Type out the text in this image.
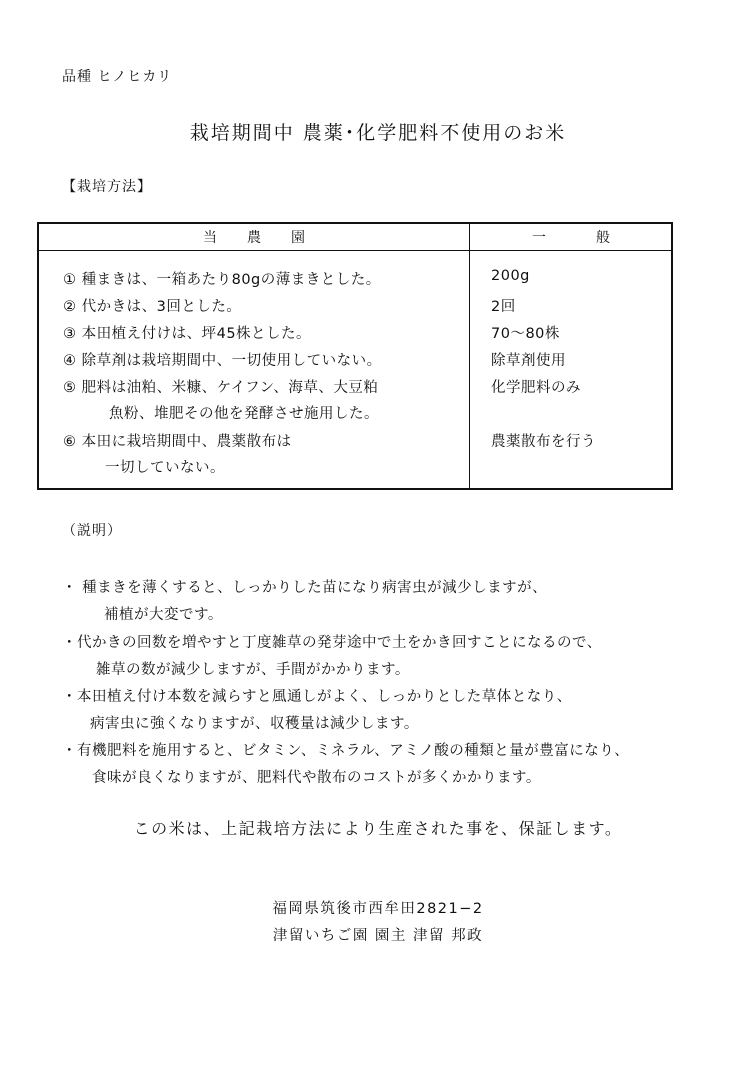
品種 ヒノヒカリ
栽培期間中 農薬･化学肥料不使用のお米
【栽培方法】
当農園	一般
① 種まきは、一箱あたり80gの薄まきとした。	200g
② 代かきは、3回とした。	2回
③ 本田植え付けは、坪45株とした。	70～80株
④ 除草剤は栽培期間中、一切使用していない。	除草剤使用
⑤ 肥料は油粕、米糠、ケイフン、海草、大豆粕	化学肥料のみ
魚粉、堆肥その他を発酵させ施用した。
⑥ 本田に栽培期間中、農薬散布は	農薬散布を行う
一切していない。
（説明）
・ 種まきを薄くすると、しっかりした苗になり病害虫が減少しますが、
補植が大変です。
・代かきの回数を増やすと丁度雑草の発芽途中で土をかき回すことになるので、
雑草の数が減少しますが、手間がかかります。
・本田植え付け本数を減らすと風通しがよく、しっかりとした草体となり、
病害虫に強くなりますが、収穫量は減少します。
・有機肥料を施用すると、ビタミン、ミネラル、アミノ酸の種類と量が豊富になり、
食味が良くなりますが、肥料代や散布のコストが多くかかります。
この米は、上記栽培方法により生産された事を、保証します。
福岡県筑後市西牟田2821−2
津留いちご園 園主 津留 邦政
